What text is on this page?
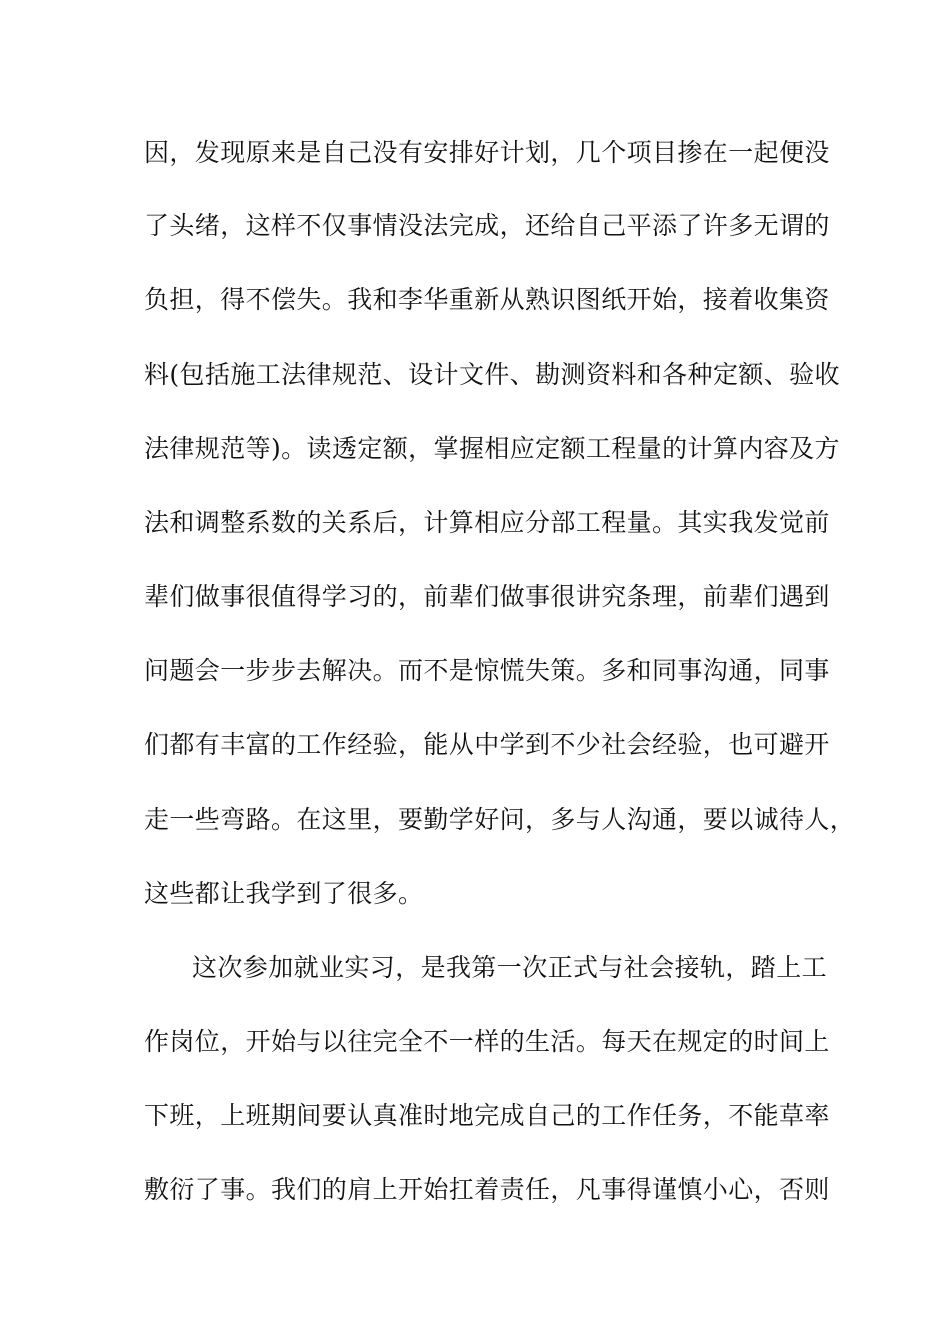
因，发现原来是自己没有安排好计划，几个项目掺在一起便没
了头绪，这样不仅事情没法完成，还给自己平添了许多无谓的
负担，得不偿失。我和李华重新从熟识图纸开始，接着收集资
料(包括施工法律规范、设计文件、勘测资料和各种定额、验收
法律规范等)。读透定额，掌握相应定额工程量的计算内容及方
法和调整系数的关系后，计算相应分部工程量。其实我发觉前
辈们做事很值得学习的，前辈们做事很讲究条理，前辈们遇到
问题会一步步去解决。而不是惊慌失策。多和同事沟通，同事
们都有丰富的工作经验，能从中学到不少社会经验，也可避开
走一些弯路。在这里，要勤学好问，多与人沟通，要以诚待人，
这些都让我学到了很多。
这次参加就业实习，是我第一次正式与社会接轨，踏上工
作岗位，开始与以往完全不一样的生活。每天在规定的时间上
下班，上班期间要认真准时地完成自己的工作任务，不能草率
敷衍了事。我们的肩上开始扛着责任，凡事得谨慎小心，否则
